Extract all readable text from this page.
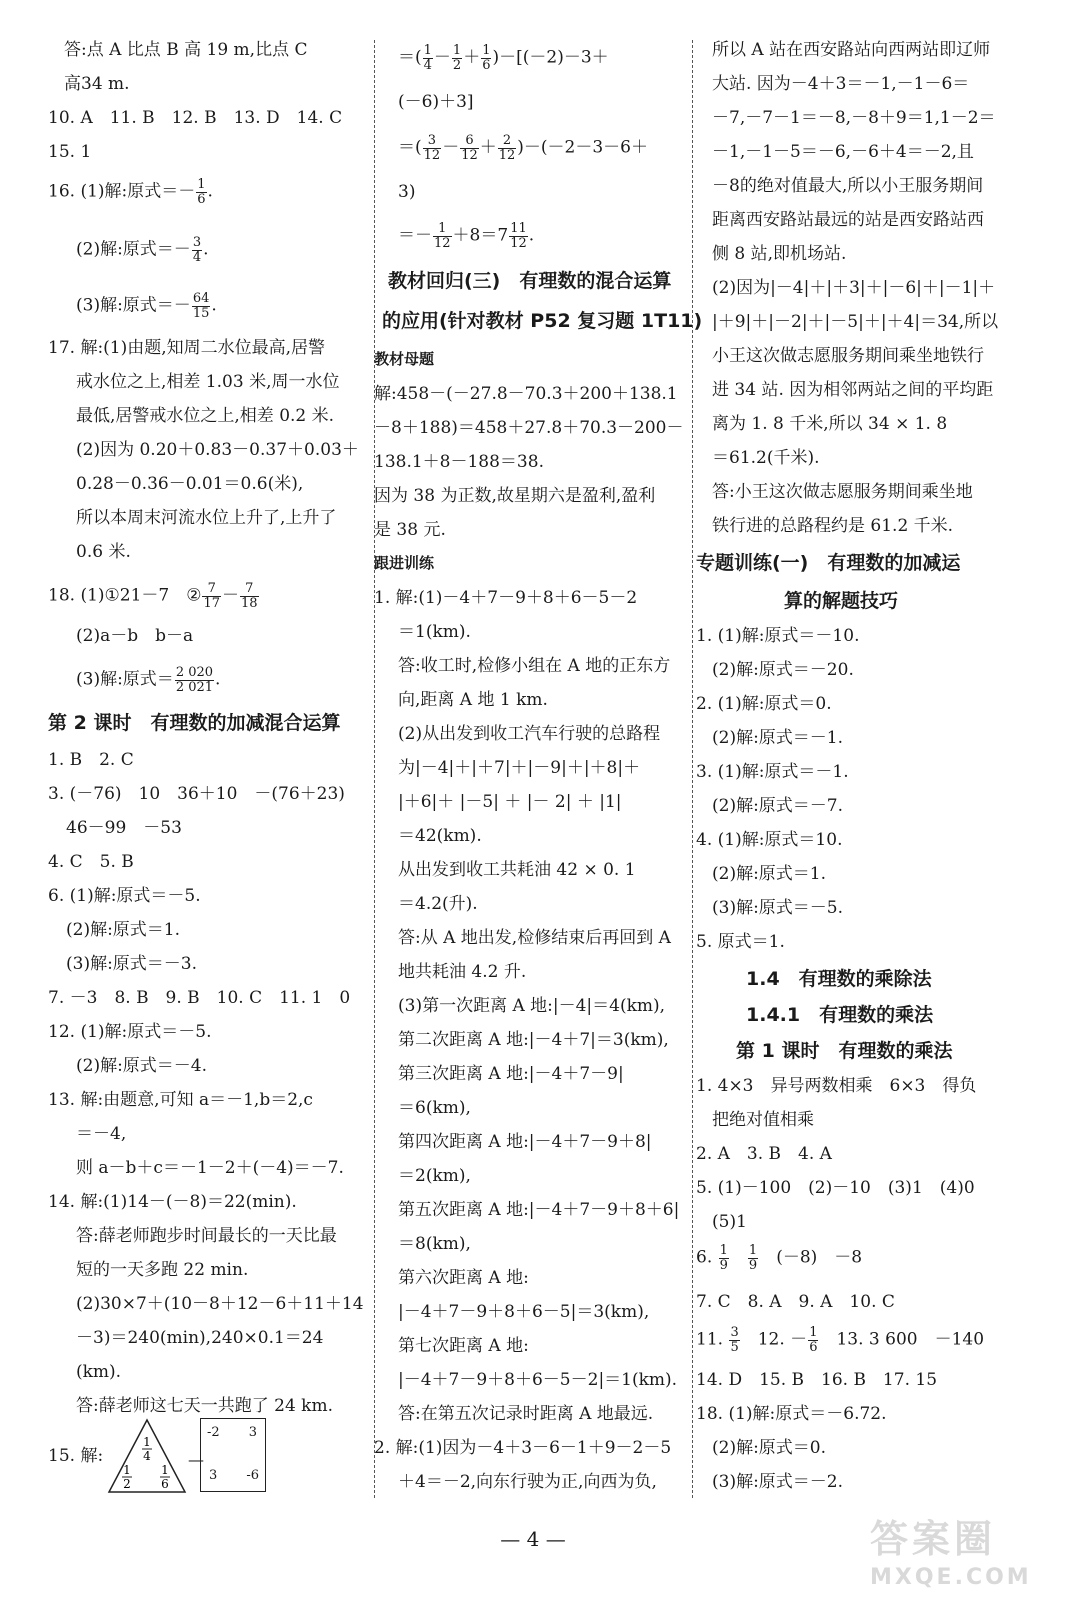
答:点 A 比点 B 高 19 m,比点 C
高34 m.
10. A　11. B　12. B　13. D　14. C
15. 1
16. (1)解:原式＝－ $\frac{1}{6}$ .
(2)解:原式＝－ $\frac{3}{4}$ .
(3)解:原式＝－ $\frac{64}{15}$ .
17. 解:(1)由题,知周二水位最高,居警
戒水位之上,相差 1.03 米,周一水位
最低,居警戒水位之上,相差 0.2 米.
(2)因为 0.20＋0.83－0.37＋0.03＋
0.28－0.36－0.01＝0.6(米),
所以本周末河流水位上升了,上升了
0.6 米.
18. (1)①21－7　② $\frac{7}{17} - \frac{7}{18}$
(2)a－b　b－a
(3)解:原式＝ $\frac{2 020}{2 021}$ .
第 2 课时　有理数的加减混合运算
1. B　2. C
3. (－76)　10　36＋10　－(76＋23)
46－99　－53
4. C　5. B
6. (1)解:原式＝－5.
(2)解:原式＝1.
(3)解:原式＝－3.
7. －3　8. B　9. B　10. C　11. 1　0
12. (1)解:原式＝－5.
(2)解:原式＝－4.
13. 解:由题意,可知 a＝－1,b＝2,c
＝－4,
则 a－b＋c＝－1－2＋(－4)＝－7.
14. 解:(1)14－(－8)＝22(min).
答:薛老师跑步时间最长的一天比最
短的一天多跑 22 min.
(2)30×7＋(10－8＋12－6＋11＋14
－3)＝240(min),240×0.1＝24
(km).
答:薛老师这七天一共跑了 24 km.
15. 解:
1
4
1
2
1
6
—
-2 3
3 -6
＝( $\frac{1}{4} - \frac{1}{2} + \frac{1}{6} )-[(-2)-3+$
(－6)＋3]
＝( $\frac{3}{12} - \frac{6}{12} + \frac{2}{12} )-(-2-3-6+$
3)
＝－ $\frac{1}{12} +8=7 \frac{11}{12}$ .
教材回归(三)　有理数的混合运算
的应用(针对教材 P52 复习题 1T11)
教材母题
解:458－(－27.8－70.3＋200＋138.1
－8＋188)＝458＋27.8＋70.3－200－
138.1＋8－188＝38.
因为 38 为正数,故星期六是盈利,盈利
是 38 元.
跟进训练
1. 解:(1)－4＋7－9＋8＋6－5－2
＝1(km).
答:收工时,检修小组在 A 地的正东方
向,距离 A 地 1 km.
(2)从出发到收工汽车行驶的总路程
为|－4|＋|＋7|＋|－9|＋|＋8|＋
|＋6|＋ |－5| ＋ |－ 2| ＋ |1|
＝42(km).
从出发到收工共耗油 42 × 0. 1
＝4.2(升).
答:从 A 地出发,检修结束后再回到 A
地共耗油 4.2 升.
(3)第一次距离 A 地:|－4|＝4(km),
第二次距离 A 地:|－4＋7|＝3(km),
第三次距离 A 地:|－4＋7－9|
＝6(km),
第四次距离 A 地:|－4＋7－9＋8|
＝2(km),
第五次距离 A 地:|－4＋7－9＋8＋6|
＝8(km),
第六次距离 A 地:
|－4＋7－9＋8＋6－5|＝3(km),
第七次距离 A 地:
|－4＋7－9＋8＋6－5－2|＝1(km).
答:在第五次记录时距离 A 地最远.
2. 解:(1)因为－4＋3－6－1＋9－2－5
＋4＝－2,向东行驶为正,向西为负,
所以 A 站在西安路站向西两站即辽师
大站. 因为－4＋3＝－1,－1－6＝
－7,－7－1＝－8,－8＋9＝1,1－2＝
－1,－1－5＝－6,－6＋4＝－2,且
－8的绝对值最大,所以小王服务期间
距离西安路站最远的站是西安路站西
侧 8 站,即机场站.
(2)因为|－4|＋|＋3|＋|－6|＋|－1|＋
|＋9|＋|－2|＋|－5|＋|＋4|＝34,所以
小王这次做志愿服务期间乘坐地铁行
进 34 站. 因为相邻两站之间的平均距
离为 1. 8 千米,所以 34 × 1. 8
＝61.2(千米).
答:小王这次做志愿服务期间乘坐地
铁行进的总路程约是 61.2 千米.
专题训练(一)　有理数的加减运
算的解题技巧
1. (1)解:原式＝－10.
(2)解:原式＝－20.
2. (1)解:原式＝0.
(2)解:原式＝－1.
3. (1)解:原式＝－1.
(2)解:原式＝－7.
4. (1)解:原式＝10.
(2)解:原式＝1.
(3)解:原式＝－5.
5. 原式＝1.
1.4　有理数的乘除法
1.4.1　有理数的乘法
第 1 课时　有理数的乘法
1. 4×3　异号两数相乘　6×3　得负
把绝对值相乘
2. A　3. B　4. A
5. (1)－100　(2)－10　(3)1　(4)0
(5)1
6. $\frac{1}{9}$
　 $\frac{1}{9}$
　 (－8)　－8
7. C　8. A　9. A　10. C
11. $\frac{3}{5}$
　 12. － $\frac{1}{6}$
　 13. 3 600　－140
14. D　15. B　16. B　17. 15
18. (1)解:原式＝－6.72.
(2)解:原式＝0.
(3)解:原式＝－2.
— 4 —	答案圈
MXQE.COM
